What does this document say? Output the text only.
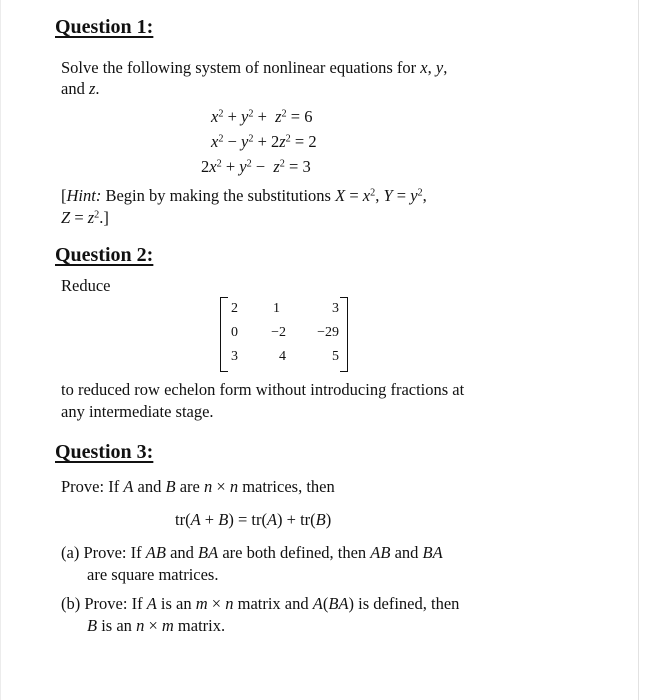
Question 1:
Solve the following system of nonlinear equations for x, y,
and z.
$x^2 + y^2 + z^2 = 6$
$x^2 - y^2 + 2z^2 = 2$
$2x^2 + y^2 - z^2 = 3$
[Hint: Begin by making the substitutions $X = x^2$, $Y = y^2$,
$Z = z^2$.]
Question 2:
Reduce
2	1	3
0	−2	−29
3	4	5
to reduced row echelon form without introducing fractions at
any intermediate stage.
Question 3:
Prove: If A and B are n × n matrices, then
tr(A + B) = tr(A) + tr(B)
(a) Prove: If AB and BA are both defined, then AB and BA
are square matrices.
(b) Prove: If A is an m × n matrix and A(BA) is defined, then
B is an n × m matrix.
